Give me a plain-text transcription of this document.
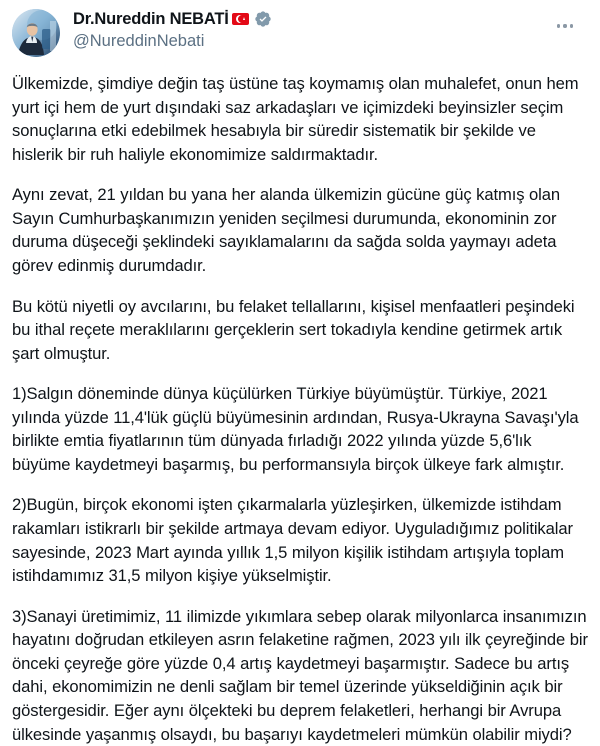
Dr.Nureddin NEBATİ
@NureddinNebati

Ülkemizde, şimdiye değin taş üstüne taş koymamış olan muhalefet, onun hem yurt içi hem de yurt dışındaki saz arkadaşları ve içimizdeki beyinsizler seçim sonuçlarına etki edebilmek hesabıyla bir süredir sistematik bir şekilde ve hislerik bir ruh haliyle ekonomimize saldırmaktadır.

Aynı zevat, 21 yıldan bu yana her alanda ülkemizin gücüne güç katmış olan Sayın Cumhurbaşkanımızın yeniden seçilmesi durumunda, ekonominin zor duruma düşeceği şeklindeki sayıklamalarını da sağda solda yaymayı adeta görev edinmiş durumdadır.

Bu kötü niyetli oy avcılarını, bu felaket tellallarını, kişisel menfaatleri peşindeki bu ithal reçete meraklılarını gerçeklerin sert tokadıyla kendine getirmek artık şart olmuştur.

1)Salgın döneminde dünya küçülürken Türkiye büyümüştür. Türkiye, 2021 yılında yüzde 11,4'lük güçlü büyümesinin ardından, Rusya-Ukrayna Savaşı'yla birlikte emtia fiyatlarının tüm dünyada fırladığı 2022 yılında yüzde 5,6'lık büyüme kaydetmeyi başarmış, bu performansıyla birçok ülkeye fark almıştır.

2)Bugün, birçok ekonomi işten çıkarmalarla yüzleşirken, ülkemizde istihdam rakamları istikrarlı bir şekilde artmaya devam ediyor. Uyguladığımız politikalar sayesinde, 2023 Mart ayında yıllık 1,5 milyon kişilik istihdam artışıyla toplam istihdamımız 31,5 milyon kişiye yükselmiştir.

3)Sanayi üretimimiz, 11 ilimizde yıkımlara sebep olarak milyonlarca insanımızın hayatını doğrudan etkileyen asrın felaketine rağmen, 2023 yılı ilk çeyreğinde bir önceki çeyreğe göre yüzde 0,4 artış kaydetmeyi başarmıştır. Sadece bu artış dahi, ekonomimizin ne denli sağlam bir temel üzerinde yükseldiğinin açık bir göstergesidir. Eğer aynı ölçekteki bu deprem felaketleri, herhangi bir Avrupa ülkesinde yaşanmış olsaydı, bu başarıyı kaydetmeleri mümkün olabilir miydi?
